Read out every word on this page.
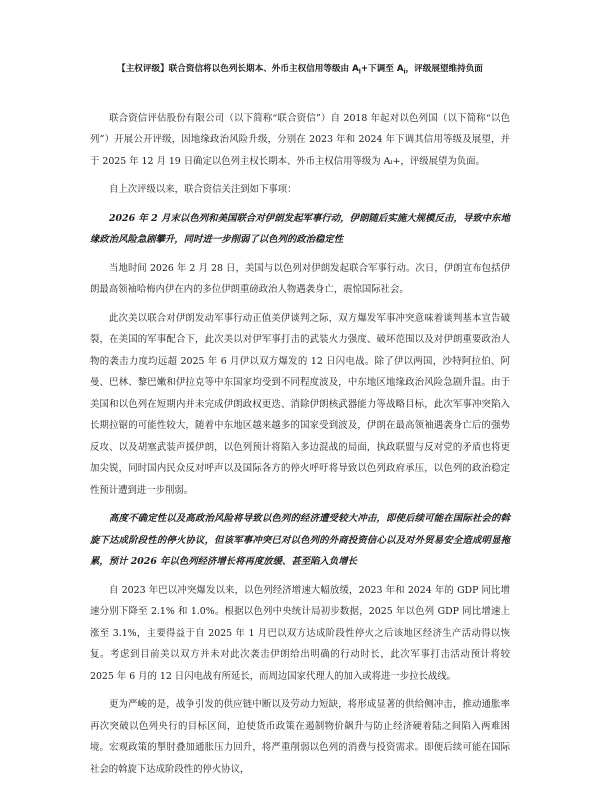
【主权评级】联合资信将以色列长期本、外币主权信用等级由 $A_l+$下调至 $A_i$，评级展望维持负面

联合资信评估股份有限公司（以下简称“联合资信”）自 2018 年起对以色列国（以下简称“以色列”）开展公开评级，因地缘政治风险升级，分别在 2023 年和 2024 年下调其信用等级及展望，并于 2025 年 12 月 19 日确定以色列主权长期本、外币主权信用等级为 Aₗ+，评级展望为负面。

自上次评级以来，联合资信关注到如下事项：

2026 年 2 月末以色列和美国联合对伊朗发起军事行动，伊朗随后实施大规模反击，导致中东地缘政治风险急剧攀升，同时进一步削弱了以色列的政治稳定性

当地时间 2026 年 2 月 28 日，美国与以色列对伊朗发起联合军事行动。次日，伊朗宣布包括伊朗最高领袖哈梅内伊在内的多位伊朗重磅政治人物遇袭身亡，震惊国际社会。

此次美以联合对伊朗发动军事行动正值美伊谈判之际，双方爆发军事冲突意味着谈判基本宣告破裂，在美国的军事配合下，此次美以对伊军事打击的武装火力强度、破坏范围以及对伊朗重要政治人物的袭击力度均远超 2025 年 6 月伊以双方爆发的 12 日闪电战。除了伊以两国，沙特阿拉伯、阿曼、巴林、黎巴嫩和伊拉克等中东国家均受到不同程度波及，中东地区地缘政治风险急剧升温。由于美国和以色列在短期内并未完成伊朗政权更迭、消除伊朗核武器能力等战略目标，此次军事冲突陷入长期拉锯的可能性较大，随着中东地区越来越多的国家受到波及，伊朗在最高领袖遇袭身亡后的强势反攻、以及胡塞武装声援伊朗，以色列预计将陷入多边混战的局面，执政联盟与反对党的矛盾也将更加尖锐，同时国内民众反对呼声以及国际各方的停火呼吁将导致以色列政府承压，以色列的政治稳定性预计遭到进一步削弱。

高度不确定性以及高政治风险将导致以色列的经济遭受较大冲击，即使后续可能在国际社会的斡旋下达成阶段性的停火协议，但该军事冲突已对以色列的外商投资信心以及对外贸易安全造成明显拖累，预计 2026 年以色列经济增长将再度放缓、甚至陷入负增长

自 2023 年巴以冲突爆发以来，以色列经济增速大幅放缓，2023 年和 2024 年的 GDP 同比增速分别下降至 2.1% 和 1.0%。根据以色列中央统计局初步数据，2025 年以色列 GDP 同比增速上涨至 3.1%，主要得益于自 2025 年 1 月巴以双方达成阶段性停火之后该地区经济生产活动得以恢复。考虑到目前美以双方并未对此次袭击伊朗给出明确的行动时长，此次军事打击活动预计将较 2025 年 6 月的 12 日闪电战有所延长，而周边国家代理人的加入或将进一步拉长战线。

更为严峻的是，战争引发的供应链中断以及劳动力短缺，将形成显著的供给侧冲击，推动通胀率再次突破以色列央行的目标区间，迫使货币政策在遏制物价飙升与防止经济硬着陆之间陷入两难困境。宏观政策的掣肘叠加通胀压力回升，将严重削弱以色列的消费与投资需求。即便后续可能在国际社会的斡旋下达成阶段性的停火协议，
